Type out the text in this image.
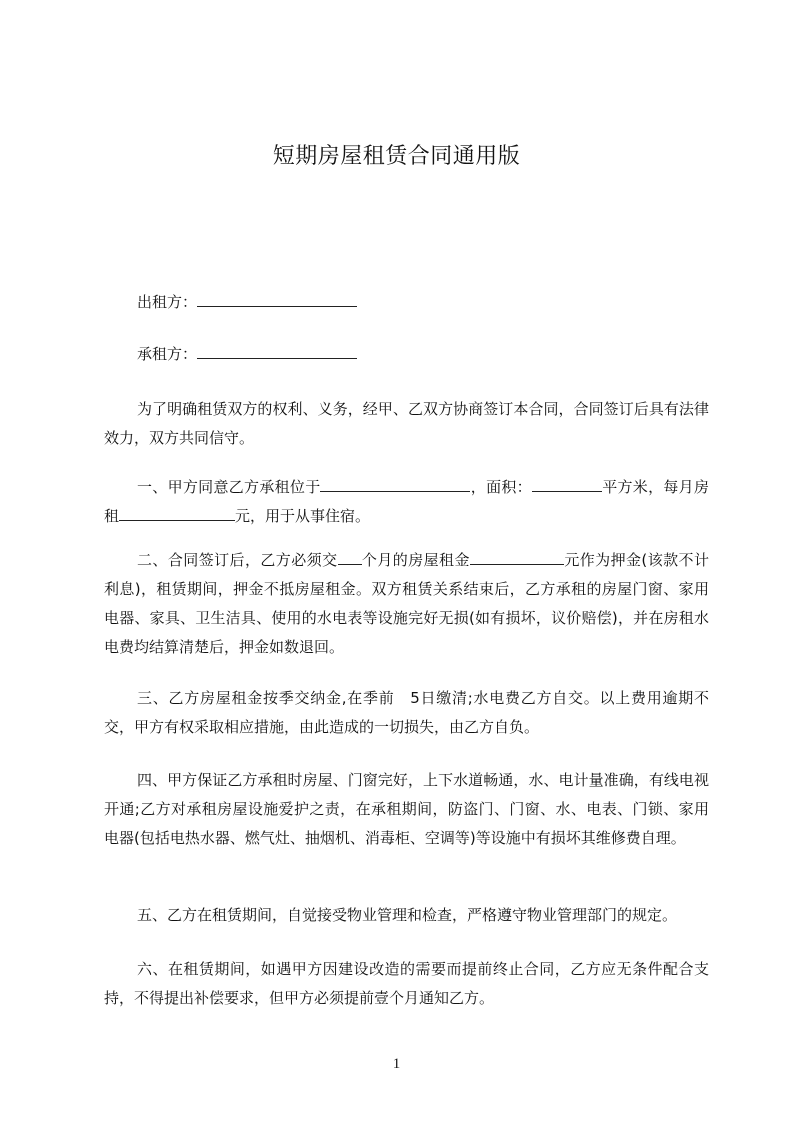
短期房屋租赁合同通用版
出租方：
承租方：
为了明确租赁双方的权利、义务，经甲、乙双方协商签订本合同，合同签订后具有法律效力，双方共同信守。
一、甲方同意乙方承租位于	，面积：	平方米，每月房租	元，用于从事住宿。
二、合同签订后，乙方必须交 个月的房屋租金	元作为押金(该款不计利息)，租赁期间，押金不抵房屋租金。双方租赁关系结束后，乙方承租的房屋门窗、家用电器、家具、卫生洁具、使用的水电表等设施完好无损(如有损坏，议价赔偿)，并在房租水电费均结算清楚后，押金如数退回。
三、乙方房屋租金按季交纳金,在季前　5日缴清;水电费乙方自交。以上费用逾期不交，甲方有权采取相应措施，由此造成的一切损失，由乙方自负。
四、甲方保证乙方承租时房屋、门窗完好，上下水道畅通，水、电计量准确，有线电视开通;乙方对承租房屋设施爱护之责，在承租期间，防盗门、门窗、水、电表、门锁、家用电器(包括电热水器、燃气灶、抽烟机、消毒柜、空调等)等设施中有损坏其维修费自理。
五、乙方在租赁期间，自觉接受物业管理和检查，严格遵守物业管理部门的规定。
六、在租赁期间，如遇甲方因建设改造的需要而提前终止合同，乙方应无条件配合支持，不得提出补偿要求，但甲方必须提前壹个月通知乙方。
1
